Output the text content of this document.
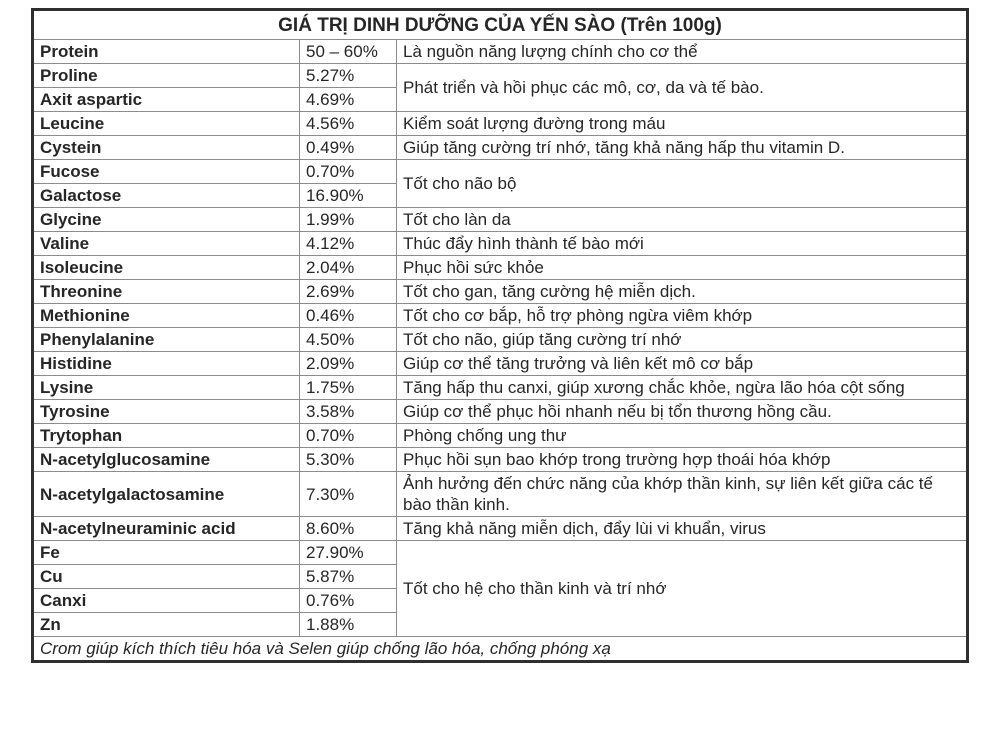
GIÁ TRỊ DINH DƯỠNG CỦA YẾN SÀO (Trên 100g)		
Protein	50 – 60%	Là nguồn năng lượng chính cho cơ thể
Proline	5.27%	Phát triển và hồi phục các mô, cơ, da và tế bào.
Axit aspartic	4.69%	
Leucine	4.56%	Kiểm soát lượng đường trong máu
Cystein	0.49%	Giúp tăng cường trí nhớ, tăng khả năng hấp thu vitamin D.
Fucose	0.70%	Tốt cho não bộ
Galactose	16.90%	
Glycine	1.99%	Tốt cho làn da
Valine	4.12%	Thúc đẩy hình thành tế bào mới
Isoleucine	2.04%	Phục hồi sức khỏe
Threonine	2.69%	Tốt cho gan, tăng cường hệ miễn dịch.
Methionine	0.46%	Tốt cho cơ bắp, hỗ trợ phòng ngừa viêm khớp
Phenylalanine	4.50%	Tốt cho não, giúp tăng cường trí nhớ
Histidine	2.09%	Giúp cơ thể tăng trưởng và liên kết mô cơ bắp
Lysine	1.75%	Tăng hấp thu canxi, giúp xương chắc khỏe, ngừa lão hóa cột sống
Tyrosine	3.58%	Giúp cơ thể phục hồi nhanh nếu bị tổn thương hồng cầu.
Trytophan	0.70%	Phòng chống ung thư
N-acetylglucosamine	5.30%	Phục hồi sụn bao khớp trong trường hợp thoái hóa khớp
N-acetylgalactosamine	7.30%	Ảnh hưởng đến chức năng của khớp thần kinh, sự liên kết giữa các tế bào thần kinh.
N-acetylneuraminic acid	8.60%	Tăng khả năng miễn dịch, đẩy lùi vi khuẩn, virus
Fe	27.90%	Tốt cho hệ cho thần kinh và trí nhớ
Cu	5.87%	
Canxi	0.76%	
Zn	1.88%	
Crom giúp kích thích tiêu hóa và Selen giúp chống lão hóa, chống phóng xạ		
